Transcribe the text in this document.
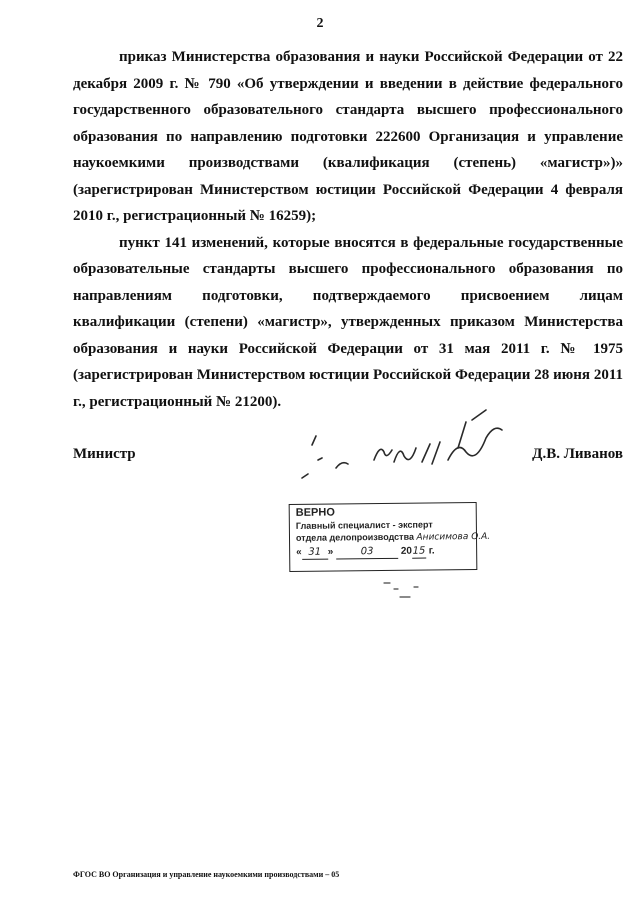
2

приказ Министерства образования и науки Российской Федерации от 22 декабря 2009 г. № 790 «Об утверждении и введении в действие федерального государственного образовательного стандарта высшего профессионального образования по направлению подготовки 222600 Организация и управление наукоемкими производствами (квалификация (степень) «магистр»)» (зарегистрирован Министерством юстиции Российской Федерации 4 февраля 2010 г., регистрационный № 16259);

пункт 141 изменений, которые вносятся в федеральные государственные образовательные стандарты высшего профессионального образования по направлениям подготовки, подтверждаемого присвоением лицам квалификации (степени) «магистр», утвержденных приказом Министерства образования и науки Российской Федерации от 31 мая 2011 г. № 1975 (зарегистрирован Министерством юстиции Российской Федерации 28 июня 2011 г., регистрационный № 21200).

Министр	Д.В. Ливанов
ВЕРНО
Главный специалист - эксперт
отдела делопроизводства Анисимова О.А.
« 31 »	03	2015 г.
ФГОС ВО Организация и управление наукоемкими производствами – 05
